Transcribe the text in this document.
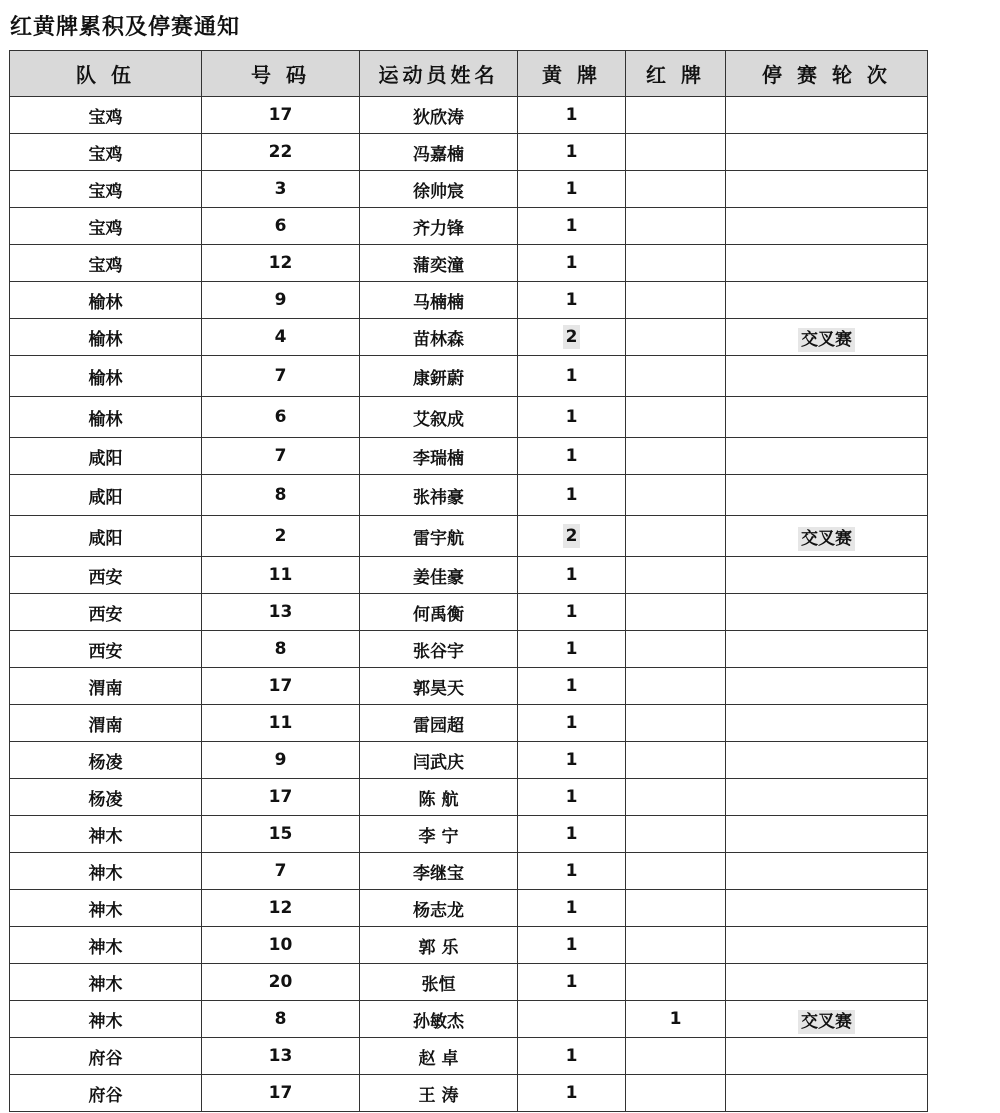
红黄牌累积及停赛通知
队 伍	号 码	运动员姓名	黄 牌	红 牌	停 赛 轮 次
宝鸡	17	狄欣涛	1		
宝鸡	22	冯嘉楠	1		
宝鸡	3	徐帅宸	1		
宝鸡	6	齐力锋	1		
宝鸡	12	蒲奕潼	1		
榆林	9	马楠楠	1		
榆林	4	苗林森	2		交叉赛
榆林	7	康鈃蔚	1		
榆林	6	艾叙成	1		
咸阳	7	李瑞楠	1		
咸阳	8	张祎豪	1		
咸阳	2	雷宇航	2		交叉赛
西安	11	姜佳豪	1		
西安	13	何禹衡	1		
西安	8	张谷宇	1		
渭南	17	郭昊天	1		
渭南	11	雷园超	1		
杨凌	9	闫武庆	1		
杨凌	17	陈 航	1		
神木	15	李 宁	1		
神木	7	李继宝	1		
神木	12	杨志龙	1		
神木	10	郭 乐	1		
神木	20	张恒	1		
神木	8	孙敏杰		1	交叉赛
府谷	13	赵 卓	1		
府谷	17	王 涛	1		
